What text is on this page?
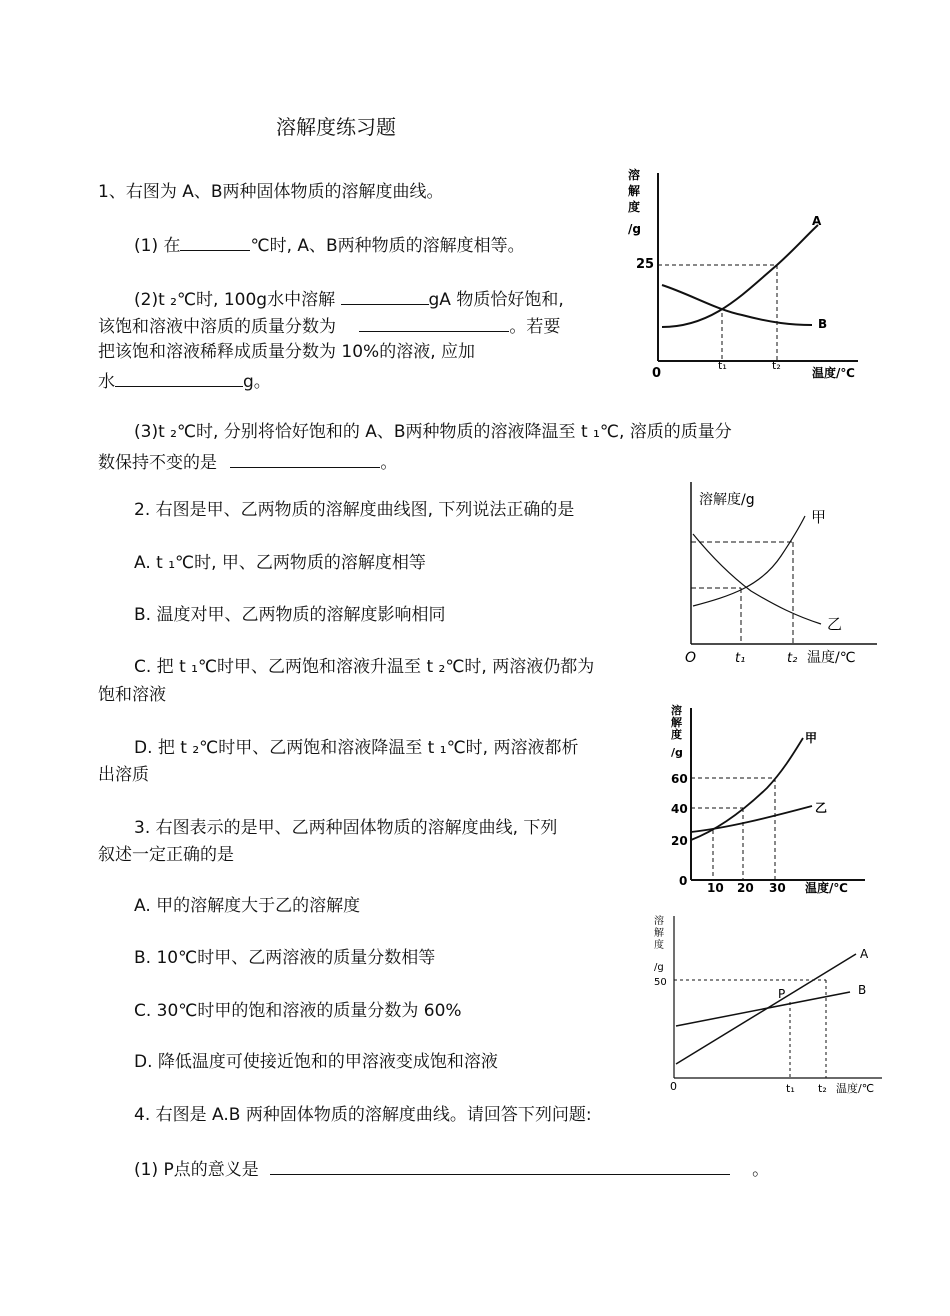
溶解度练习题
1、右图为 A、B两种固体物质的溶解度曲线。
(1) 在	℃时, A、B两种物质的溶解度相等。
(2)t ₂℃时, 100g水中溶解	gA 物质恰好饱和,
该饱和溶液中溶质的质量分数为	。若要
把该饱和溶液稀释成质量分数为 10%的溶液, 应加
水	g。
(3)t ₂℃时, 分别将恰好饱和的 A、B两种物质的溶液降温至 t ₁℃, 溶质的质量分
数保持不变的是	。
2. 右图是甲、乙两物质的溶解度曲线图, 下列说法正确的是
A. t ₁℃时, 甲、乙两物质的溶解度相等
B. 温度对甲、乙两物质的溶解度影响相同
C. 把 t ₁℃时甲、乙两饱和溶液升温至 t ₂℃时, 两溶液仍都为
饱和溶液
D. 把 t ₂℃时甲、乙两饱和溶液降温至 t ₁℃时, 两溶液都析
出溶质
3. 右图表示的是甲、乙两种固体物质的溶解度曲线, 下列
叙述一定正确的是
A. 甲的溶解度大于乙的溶解度
B. 10℃时甲、乙两溶液的质量分数相等
C. 30℃时甲的饱和溶液的质量分数为 60%
D. 降低温度可使接近饱和的甲溶液变成饱和溶液
4. 右图是 A.B 两种固体物质的溶解度曲线。请回答下列问题:
(1) P点的意义是	。
溶
解
度
/g
25
0
t₁	t₂
温度/℃
A
B
溶解度/g
O	t₁	t₂ 温度/℃
甲
乙
溶
解
度
/g
60
40
20
0 10 20 30 温度/℃
甲
乙
溶
解
度
/g
50
0	t₁ t₂ 温度/℃
P
A
B
